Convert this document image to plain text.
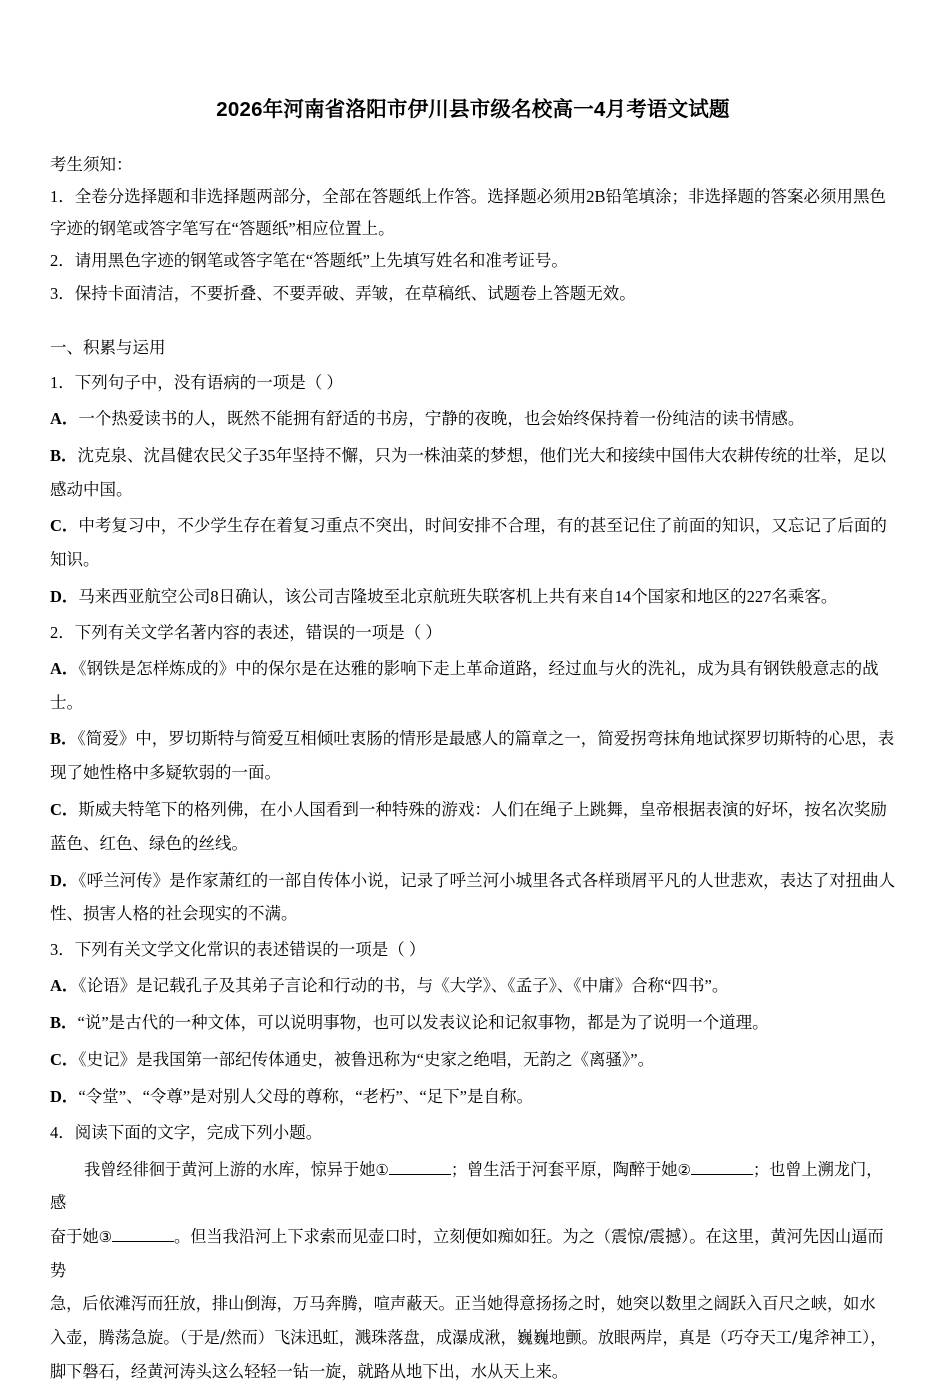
2026年河南省洛阳市伊川县市级名校高一4月考语文试题

考生须知：

1．全卷分选择题和非选择题两部分，全部在答题纸上作答。选择题必须用2B铅笔填涂；非选择题的答案必须用黑色字迹的钢笔或答字笔写在“答题纸”相应位置上。

2．请用黑色字迹的钢笔或答字笔在“答题纸”上先填写姓名和准考证号。

3．保持卡面清洁，不要折叠、不要弄破、弄皱，在草稿纸、试题卷上答题无效。

一、积累与运用

1．下列句子中，没有语病的一项是（ ）

A．一个热爱读书的人，既然不能拥有舒适的书房，宁静的夜晚，也会始终保持着一份纯洁的读书情感。

B．沈克泉、沈昌健农民父子35年坚持不懈，只为一株油菜的梦想，他们光大和接续中国伟大农耕传统的壮举，足以感动中国。

C．中考复习中，不少学生存在着复习重点不突出，时间安排不合理，有的甚至记住了前面的知识，又忘记了后面的知识。

D．马来西亚航空公司8日确认，该公司吉隆坡至北京航班失联客机上共有来自14个国家和地区的227名乘客。

2．下列有关文学名著内容的表述，错误的一项是（ ）

A．《钢铁是怎样炼成的》中的保尔是在达雅的影响下走上革命道路，经过血与火的洗礼，成为具有钢铁般意志的战士。

B．《简爱》中，罗切斯特与简爱互相倾吐衷肠的情形是最感人的篇章之一，简爱拐弯抹角地试探罗切斯特的心思，表现了她性格中多疑软弱的一面。

C．斯威夫特笔下的格列佛，在小人国看到一种特殊的游戏：人们在绳子上跳舞，皇帝根据表演的好坏，按名次奖励蓝色、红色、绿色的丝线。

D．《呼兰河传》是作家萧红的一部自传体小说，记录了呼兰河小城里各式各样琐屑平凡的人世悲欢，表达了对扭曲人性、损害人格的社会现实的不满。

3．下列有关文学文化常识的表述错误的一项是（ ）

A．《论语》是记载孔子及其弟子言论和行动的书，与《大学》、《孟子》、《中庸》合称“四书”。

B．“说”是古代的一种文体，可以说明事物，也可以发表议论和记叙事物，都是为了说明一个道理。

C．《史记》是我国第一部纪传体通史，被鲁迅称为“史家之绝唱，无韵之《离骚》”。

D．“令堂”、“令尊”是对别人父母的尊称，“老朽”、“足下”是自称。

4．阅读下面的文字，完成下列小题。

我曾经徘徊于黄河上游的水库，惊异于她①	；曾生活于河套平原，陶醉于她②	；也曾上溯龙门，感

奋于她③	。但当我沿河上下求索而见壶口时，立刻便如痴如狂。为之（震惊/震撼）。在这里，黄河先因山逼而势

急，后依滩泻而狂放，排山倒海，万马奔腾，喧声蔽天。正当她得意扬扬之时，她突以数里之阔跃入百尺之峡，如水

入壶，腾荡急旋。（于是/然而）飞沫迅虹，溅珠落盘，成瀑成湫，巍巍地颤。放眼两岸，真是（巧夺天工/鬼斧神工），

脚下磐石，经黄河涛头这么轻轻一钻一旋，就路从地下出，水从天上来。
